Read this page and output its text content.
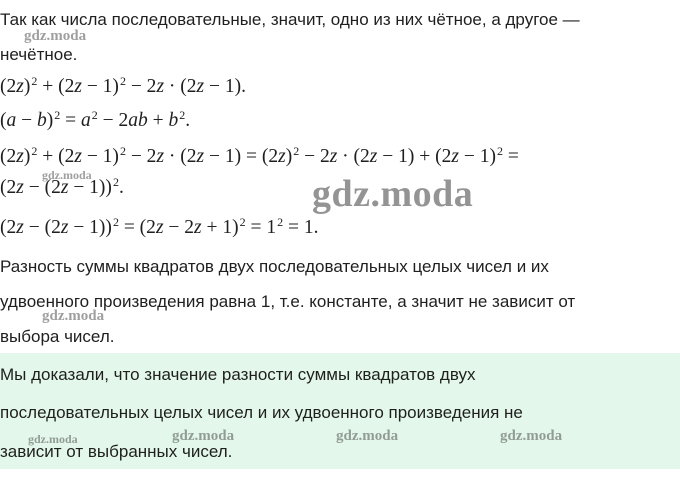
Так как числа последовательные, значит, одно из них чётное, а другое —
нечётное.
$(2z)^2 + (2z - 1)^2 - 2z \cdot (2z - 1)$.
$(a - b)^2 = a^2 - 2ab + b^2$.
$(2z)^2 + (2z - 1)^2 - 2z \cdot (2z - 1) = (2z)^2 - 2z \cdot (2z - 1) + (2z - 1)^2$ =
$(2z - (2z - 1))^2$.
$(2z - (2z - 1))^2 = (2z - 2z + 1)^2 = 1^2 = 1$.
Разность суммы квадратов двух последовательных целых чисел и их
удвоенного произведения равна 1, т.е. константе, а значит не зависит от
выбора чисел.
Мы доказали, что значение разности суммы квадратов двух
последовательных целых чисел и их удвоенного произведения не
зависит от выбранных чисел.
gdz.moda
gdz.moda
gdz.moda
gdz.moda
gdz.moda	gdz.moda	gdz.moda	gdz.moda
